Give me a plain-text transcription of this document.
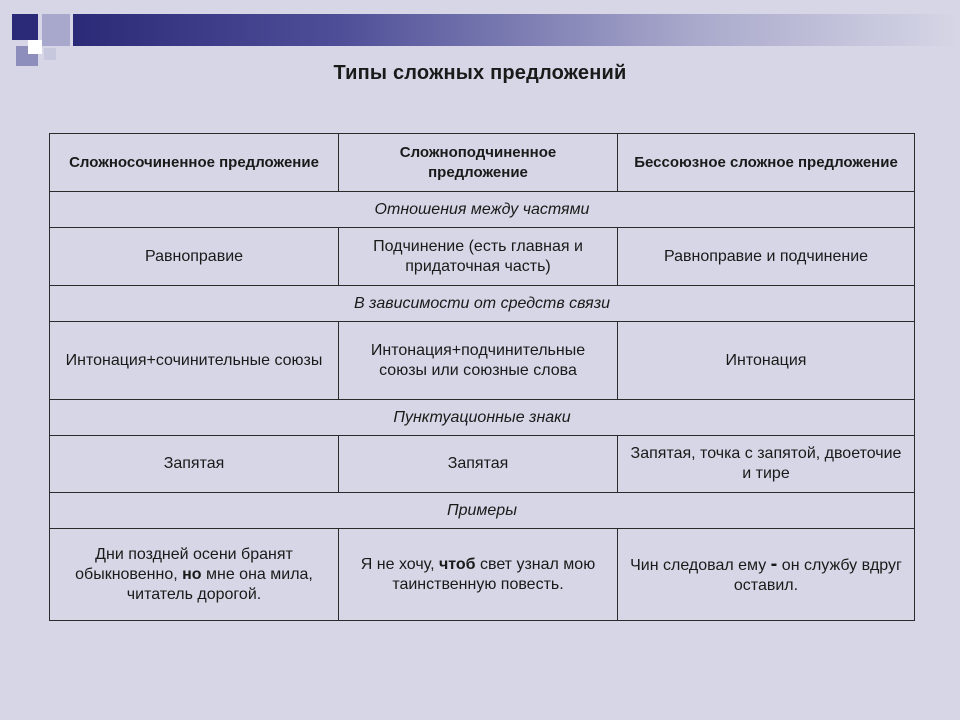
Типы сложных предложений
Сложносочиненное предложение	Сложноподчиненное предложение	Бессоюзное сложное предложение
Отношения между частями		
Равноправие	Подчинение (есть главная и придаточная часть)	Равноправие и подчинение
В зависимости от средств связи		
Интонация+сочинительные союзы	Интонация+подчинительные союзы или союзные слова	Интонация
Пунктуационные знаки		
Запятая	Запятая	Запятая, точка с запятой, двоеточие и тире
Примеры		
Дни поздней осени бранят обыкновенно, но мне она мила, читатель дорогой.	Я не хочу, чтоб свет узнал мою таинственную повесть.	Чин следовал ему - он службу вдруг оставил.
